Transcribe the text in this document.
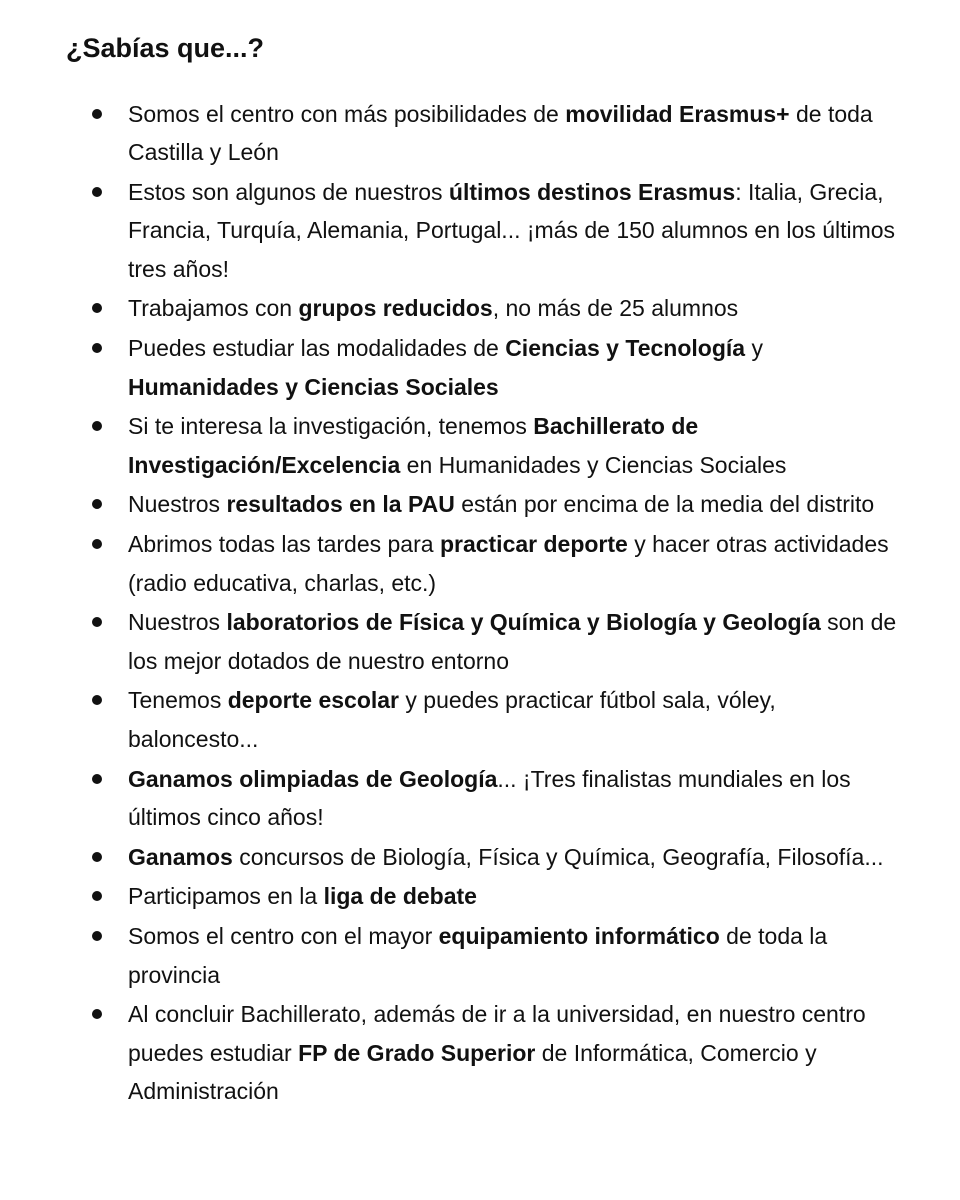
¿Sabías que...?
Somos el centro con más posibilidades de movilidad Erasmus+ de toda Castilla y León
Estos son algunos de nuestros últimos destinos Erasmus: Italia, Grecia, Francia, Turquía, Alemania, Portugal... ¡más de 150 alumnos en los últimos tres años!
Trabajamos con grupos reducidos, no más de 25 alumnos
Puedes estudiar las modalidades de Ciencias y Tecnología y Humanidades y Ciencias Sociales
Si te interesa la investigación, tenemos Bachillerato de Investigación/Excelencia en Humanidades y Ciencias Sociales
Nuestros resultados en la PAU están por encima de la media del distrito
Abrimos todas las tardes para practicar deporte y hacer otras actividades (radio educativa, charlas, etc.)
Nuestros laboratorios de Física y Química y Biología y Geología son de los mejor dotados de nuestro entorno
Tenemos deporte escolar y puedes practicar fútbol sala, vóley, baloncesto...
Ganamos olimpiadas de Geología... ¡Tres finalistas mundiales en los últimos cinco años!
Ganamos concursos de Biología, Física y Química, Geografía, Filosofía...
Participamos en la liga de debate
Somos el centro con el mayor equipamiento informático de toda la provincia
Al concluir Bachillerato, además de ir a la universidad, en nuestro centro puedes estudiar FP de Grado Superior de Informática, Comercio y Administración
